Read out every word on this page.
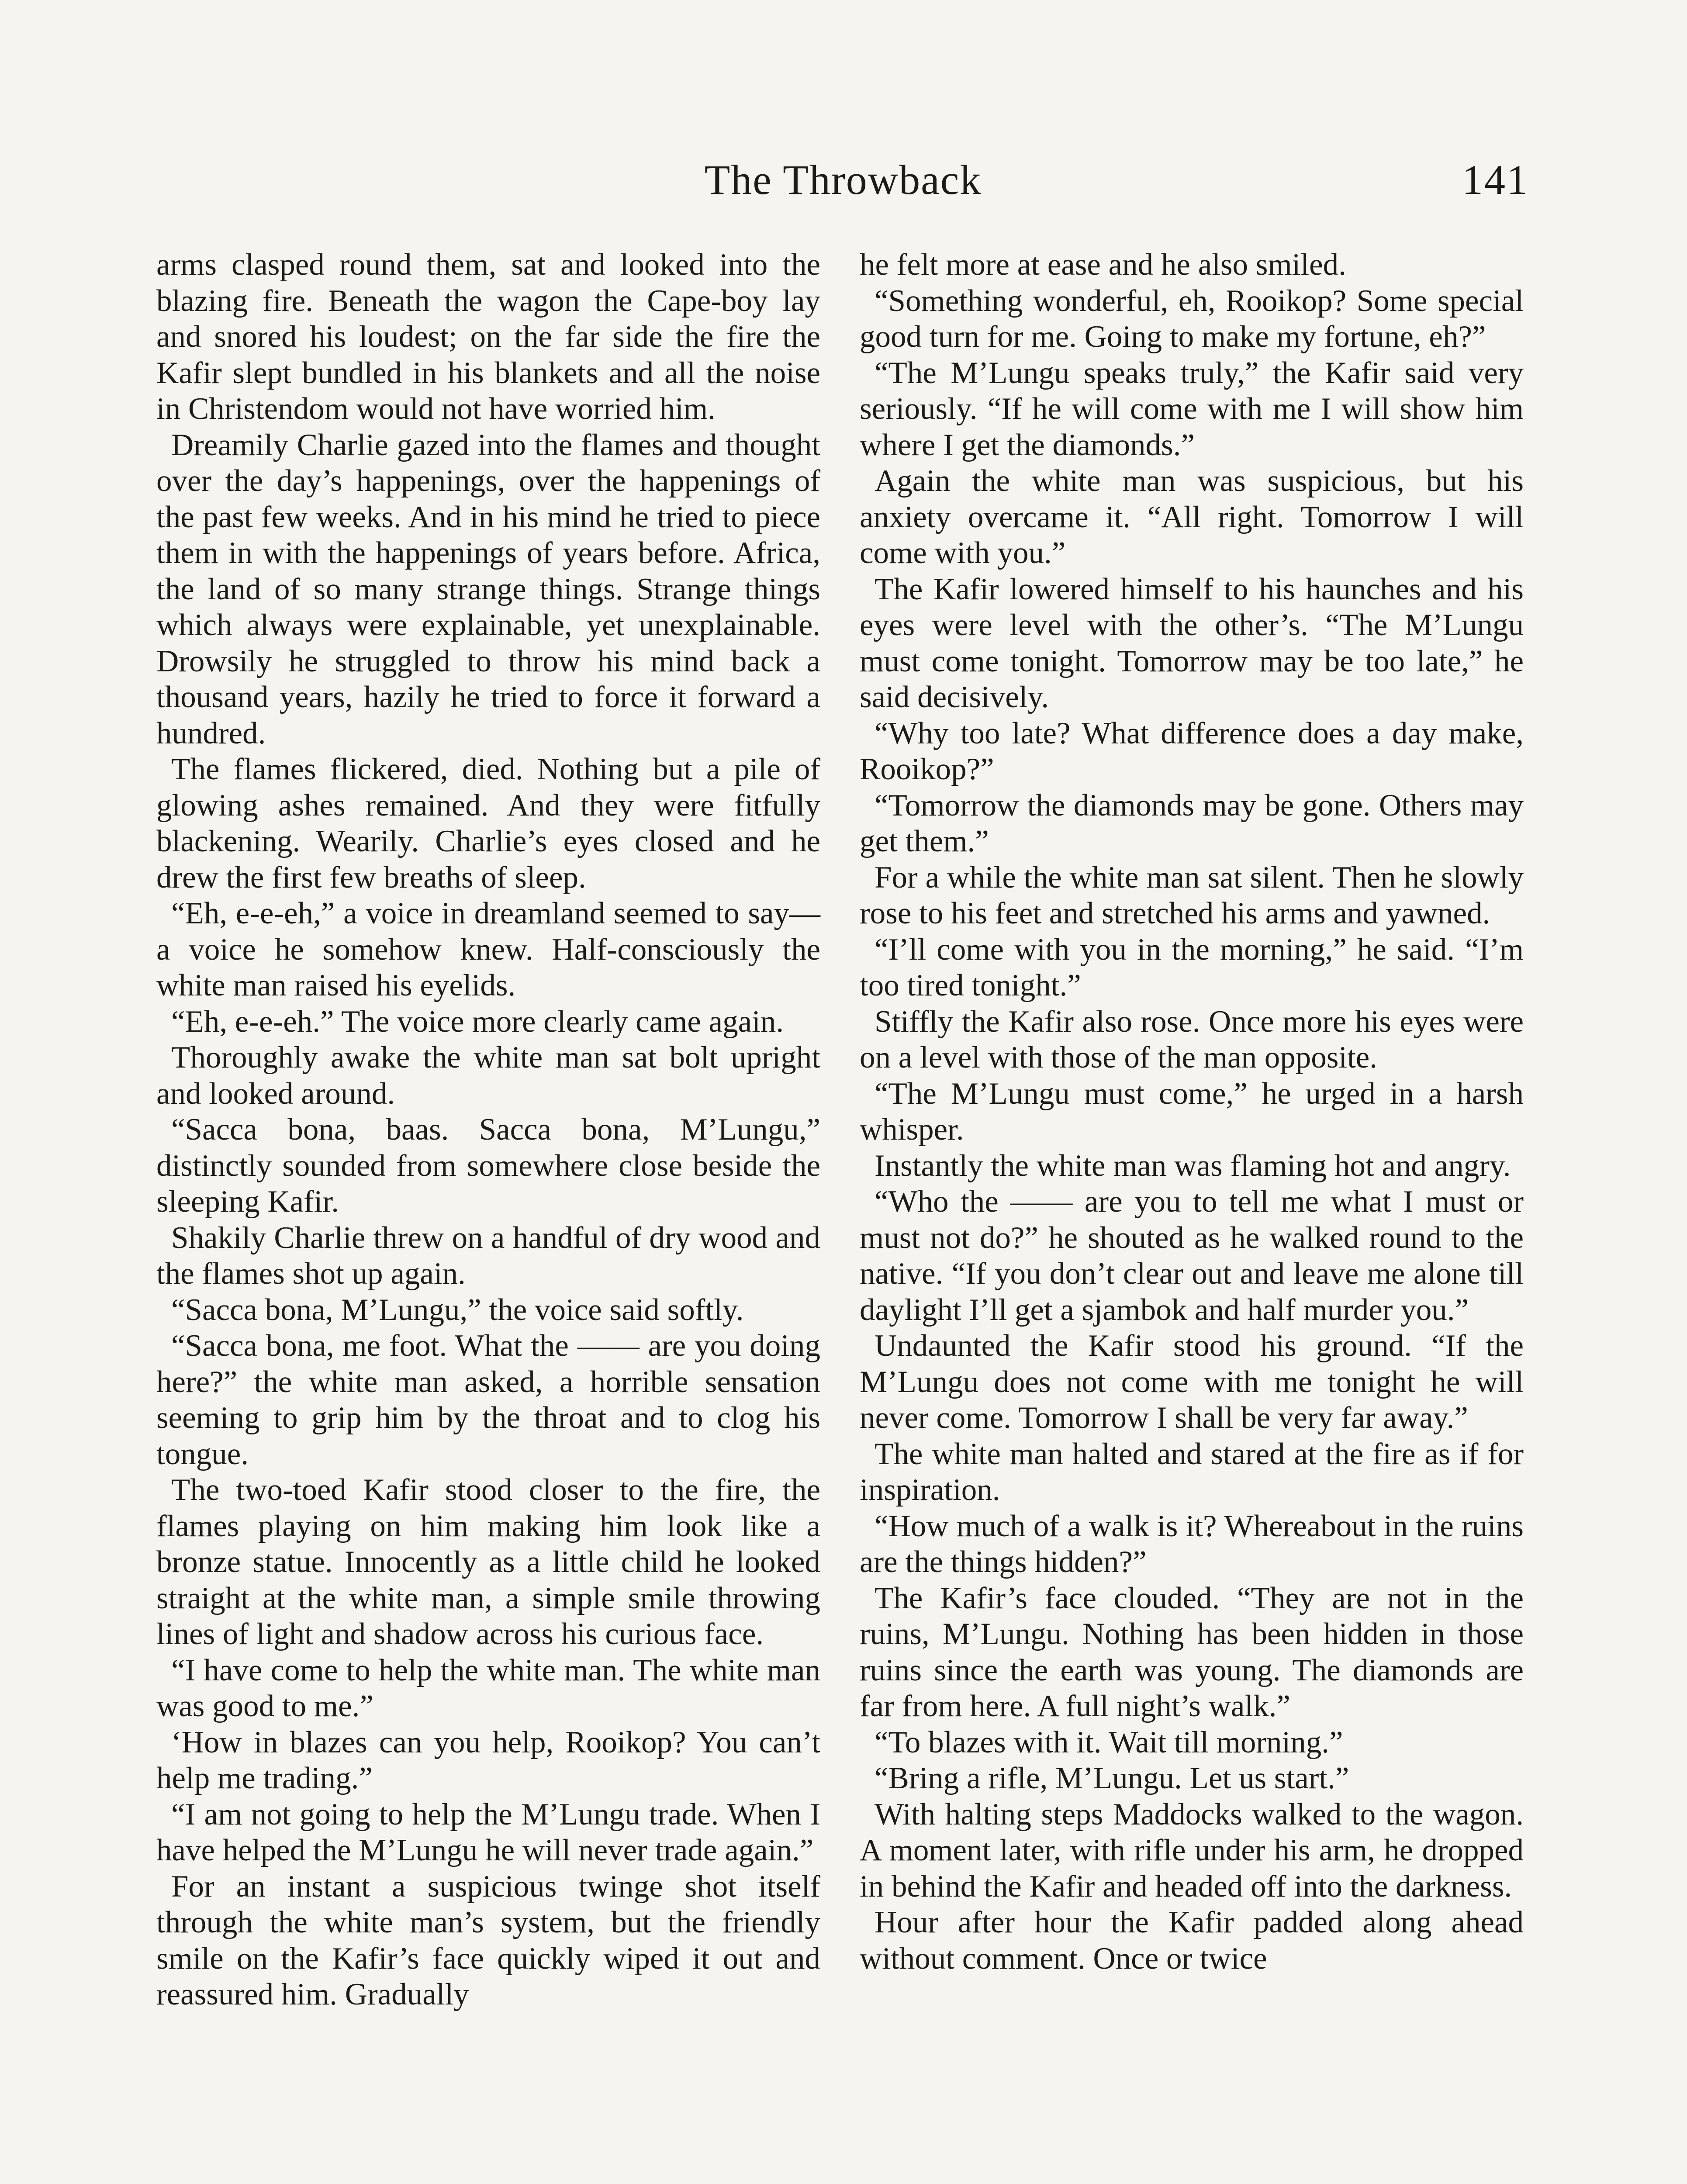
The Throwback	141

arms clasped round them, sat and looked into the blazing fire. Beneath the wagon the Cape-boy lay and snored his loudest; on the far side the fire the Kafir slept bundled in his blankets and all the noise in Christendom would not have worried him.

Dreamily Charlie gazed into the flames and thought over the day’s happenings, over the happenings of the past few weeks. And in his mind he tried to piece them in with the happenings of years before. Africa, the land of so many strange things. Strange things which always were explainable, yet unexplainable. Drowsily he struggled to throw his mind back a thousand years, hazily he tried to force it forward a hundred.

The flames flickered, died. Nothing but a pile of glowing ashes remained. And they were fitfully blackening. Wearily. Charlie’s eyes closed and he drew the first few breaths of sleep.

“Eh, e-e-eh,” a voice in dreamland seemed to say—a voice he somehow knew. Half-consciously the white man raised his eyelids.

“Eh, e-e-eh.” The voice more clearly came again.

Thoroughly awake the white man sat bolt upright and looked around.

“Sacca bona, baas. Sacca bona, M’Lungu,” distinctly sounded from somewhere close beside the sleeping Kafir.

Shakily Charlie threw on a handful of dry wood and the flames shot up again.

“Sacca bona, M’Lungu,” the voice said softly.

“Sacca bona, me foot. What the —— are you doing here?” the white man asked, a horrible sensation seeming to grip him by the throat and to clog his tongue.

The two-toed Kafir stood closer to the fire, the flames playing on him making him look like a bronze statue. Innocently as a little child he looked straight at the white man, a simple smile throwing lines of light and shadow across his curious face.

“I have come to help the white man. The white man was good to me.”

‘How in blazes can you help, Rooikop? You can’t help me trading.”

“I am not going to help the M’Lungu trade. When I have helped the M’Lungu he will never trade again.”

For an instant a suspicious twinge shot itself through the white man’s system, but the friendly smile on the Kafir’s face quickly wiped it out and reassured him. Gradually

he felt more at ease and he also smiled.

“Something wonderful, eh, Rooikop? Some special good turn for me. Going to make my fortune, eh?”

“The M’Lungu speaks truly,” the Kafir said very seriously. “If he will come with me I will show him where I get the diamonds.”

Again the white man was suspicious, but his anxiety overcame it. “All right. Tomorrow I will come with you.”

The Kafir lowered himself to his haunches and his eyes were level with the other’s. “The M’Lungu must come tonight. Tomorrow may be too late,” he said decisively.

“Why too late? What difference does a day make, Rooikop?”

“Tomorrow the diamonds may be gone. Others may get them.”

For a while the white man sat silent. Then he slowly rose to his feet and stretched his arms and yawned.

“I’ll come with you in the morning,” he said. “I’m too tired tonight.”

Stiffly the Kafir also rose. Once more his eyes were on a level with those of the man opposite.

“The M’Lungu must come,” he urged in a harsh whisper.

Instantly the white man was flaming hot and angry.

“Who the —— are you to tell me what I must or must not do?” he shouted as he walked round to the native. “If you don’t clear out and leave me alone till daylight I’ll get a sjambok and half murder you.”

Undaunted the Kafir stood his ground. “If the M’Lungu does not come with me tonight he will never come. Tomorrow I shall be very far away.”

The white man halted and stared at the fire as if for inspiration.

“How much of a walk is it? Whereabout in the ruins are the things hidden?”

The Kafir’s face clouded. “They are not in the ruins, M’Lungu. Nothing has been hidden in those ruins since the earth was young. The diamonds are far from here. A full night’s walk.”

“To blazes with it. Wait till morning.”

“Bring a rifle, M’Lungu. Let us start.”

With halting steps Maddocks walked to the wagon. A moment later, with rifle under his arm, he dropped in behind the Kafir and headed off into the darkness.

Hour after hour the Kafir padded along ahead without comment. Once or twice
